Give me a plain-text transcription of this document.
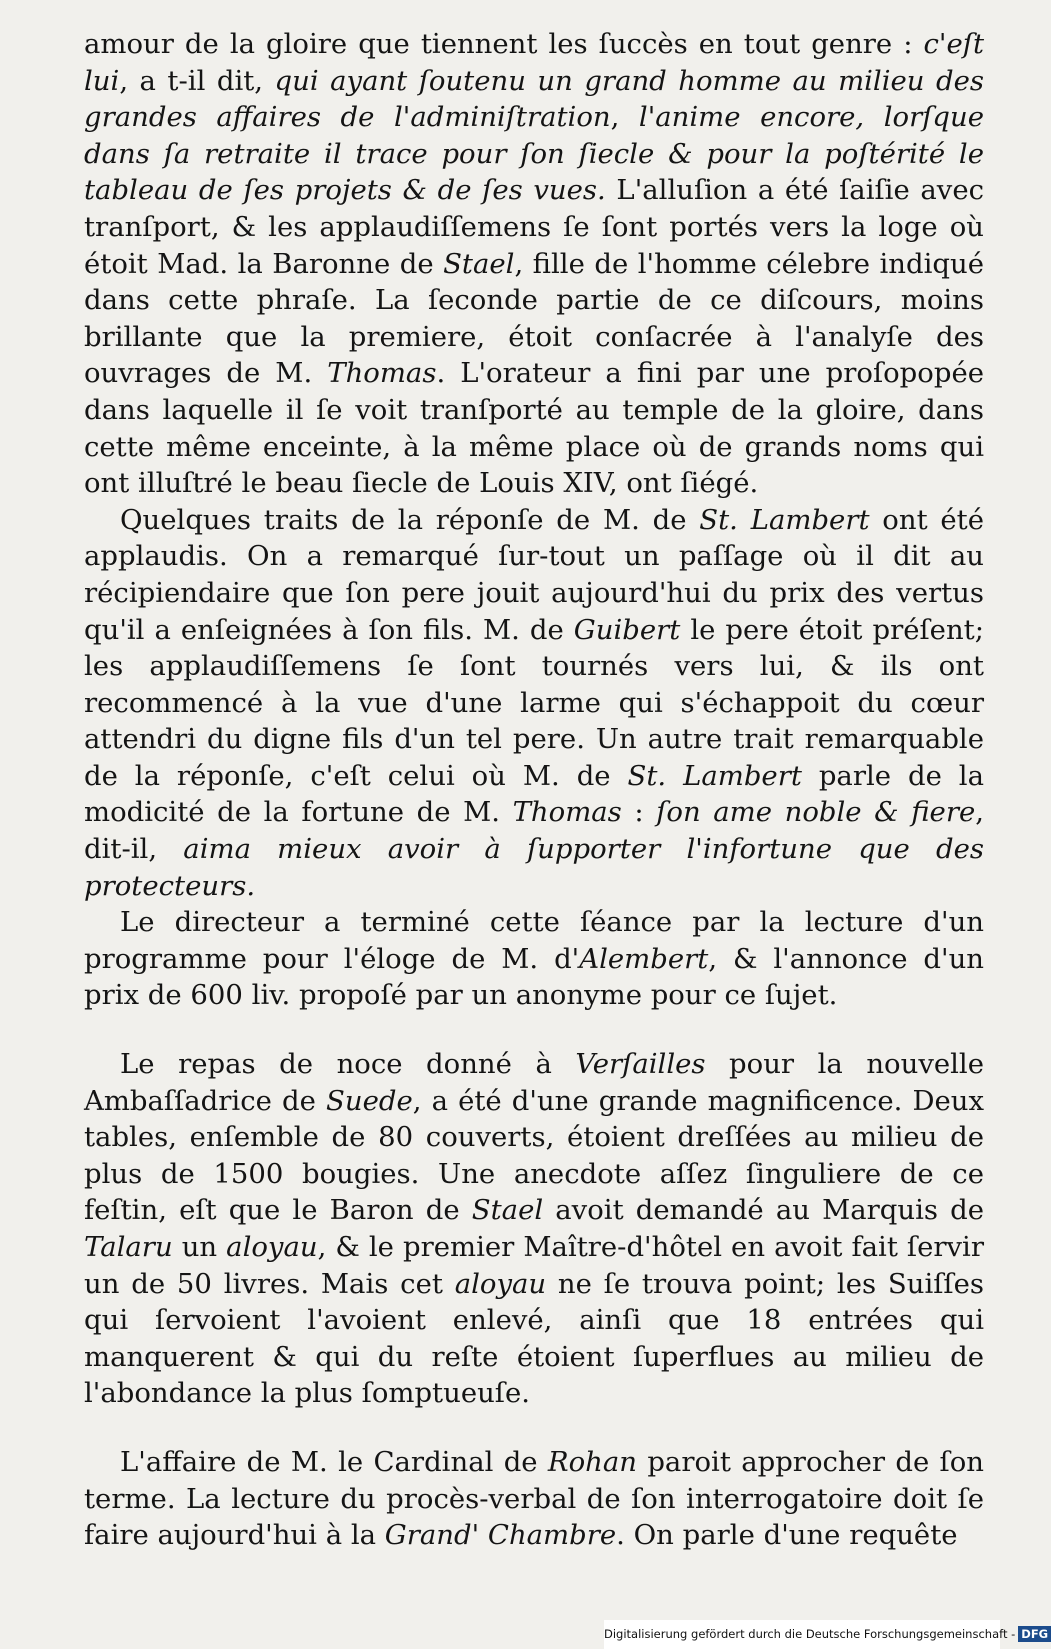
amour de la gloire que tiennent les ſuccès en tout genre : c'eſt lui, a t-il dit, qui ayant ſoutenu un grand homme au milieu des grandes affaires de l'adminiſtration, l'anime encore, lorſque dans ſa retraite il trace pour ſon ſiecle & pour la poſtérité le tableau de ſes projets & de ſes vues. L'alluſion a été ſaiſie avec tranſport, & les applaudiſſemens ſe ſont portés vers la loge où étoit Mad. la Baronne de Stael, fille de l'homme célebre indiqué dans cette phraſe. La ſeconde partie de ce diſcours, moins brillante que la premiere, étoit conſacrée à l'analyſe des ouvrages de M. Thomas. L'orateur a fini par une proſopopée dans laquelle il ſe voit tranſporté au temple de la gloire, dans cette même enceinte, à la même place où de grands noms qui ont illuſtré le beau ſiecle de Louis XIV, ont ſiégé.

Quelques traits de la réponſe de M. de St. Lambert ont été applaudis. On a remarqué ſur-tout un paſſage où il dit au récipiendaire que ſon pere jouit aujourd'hui du prix des vertus qu'il a enſeignées à ſon fils. M. de Guibert le pere étoit préſent; les applaudiſſemens ſe ſont tournés vers lui, & ils ont recommencé à la vue d'une larme qui s'échappoit du cœur attendri du digne fils d'un tel pere. Un autre trait remarquable de la réponſe, c'eſt celui où M. de St. Lambert parle de la modicité de la fortune de M. Thomas : ſon ame noble & fiere, dit-il, aima mieux avoir à ſupporter l'infortune que des protecteurs.

Le directeur a terminé cette ſéance par la lecture d'un programme pour l'éloge de M. d'Alembert, & l'annonce d'un prix de 600 liv. propoſé par un anonyme pour ce ſujet.

Le repas de noce donné à Verſailles pour la nouvelle Ambaſſadrice de Suede, a été d'une grande magnificence. Deux tables, enſemble de 80 couverts, étoient dreſſées au milieu de plus de 1500 bougies. Une anecdote aſſez ſinguliere de ce feſtin, eſt que le Baron de Stael avoit demandé au Marquis de Talaru un aloyau, & le premier Maître-d'hôtel en avoit fait ſervir un de 50 livres. Mais cet aloyau ne ſe trouva point; les Suiſſes qui ſervoient l'avoient enlevé, ainſi que 18 entrées qui manquerent & qui du reſte étoient ſuperflues au milieu de l'abondance la plus ſomptueuſe.

L'affaire de M. le Cardinal de Rohan paroit approcher de ſon terme. La lecture du procès-verbal de ſon interrogatoire doit ſe faire aujourd'hui à la Grand' Chambre. On parle d'une requête

Digitalisierung gefördert durch die Deutsche Forschungsgemeinschaft - DFG
